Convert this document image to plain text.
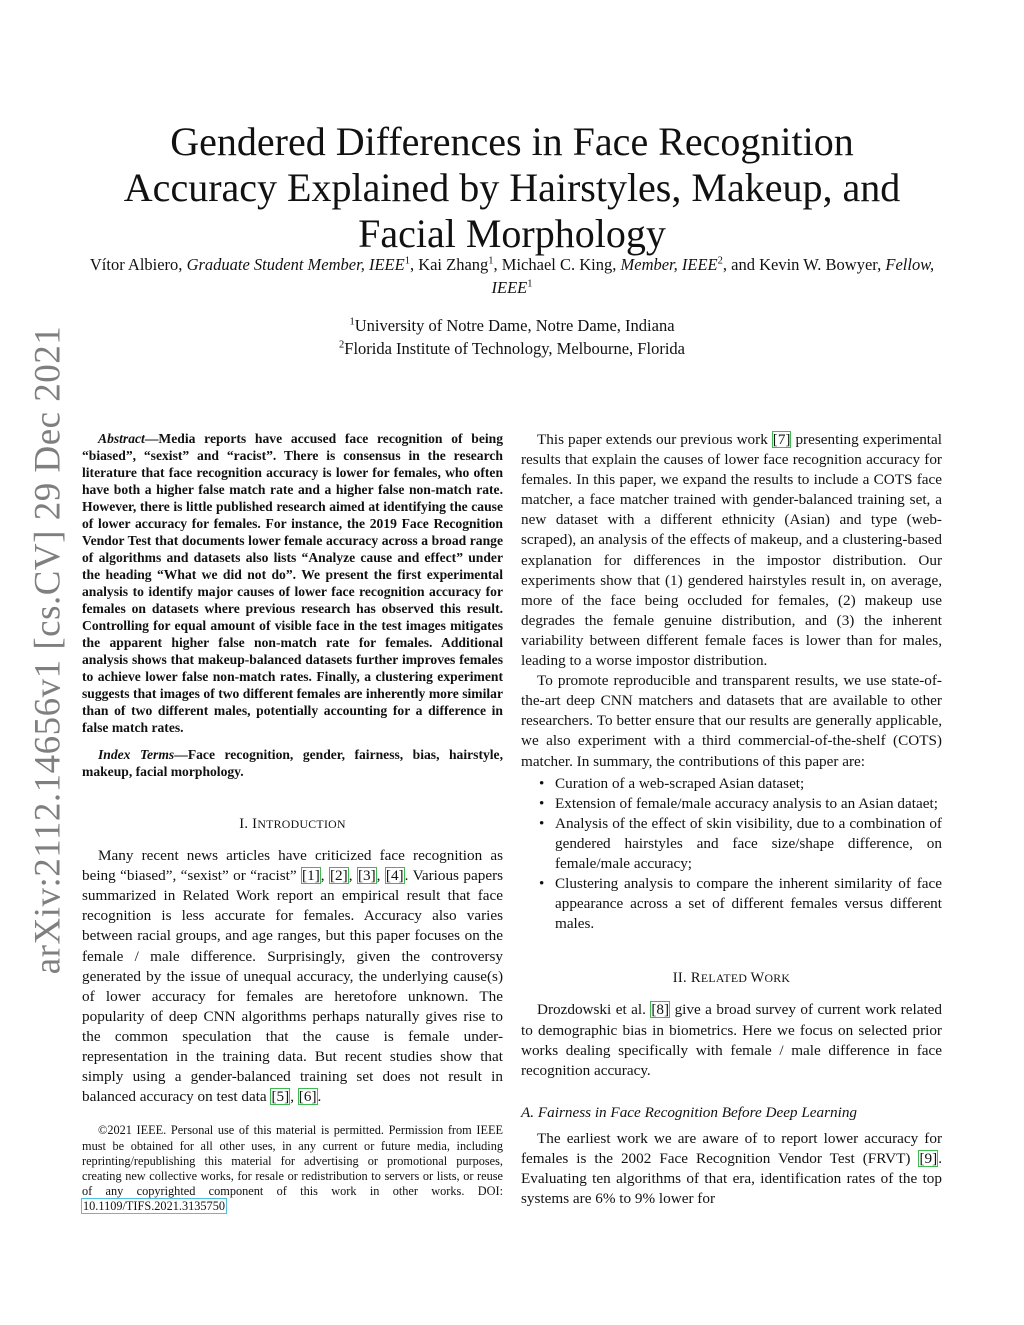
arXiv:2112.14656v1 [cs.CV] 29 Dec 2021
Gendered Differences in Face Recognition Accuracy Explained by Hairstyles, Makeup, and Facial Morphology
Vítor Albiero, Graduate Student Member, IEEE$^1$, Kai Zhang$^1$, Michael C. King, Member, IEEE$^2$, and Kevin W. Bowyer, Fellow, IEEE$^1$
$^1$University of Notre Dame, Notre Dame, Indiana
$^2$Florida Institute of Technology, Melbourne, Florida

Abstract—Media reports have accused face recognition of being “biased”, “sexist” and “racist”. There is consensus in the research literature that face recognition accuracy is lower for females, who often have both a higher false match rate and a higher false non-match rate. However, there is little published research aimed at identifying the cause of lower accuracy for females. For instance, the 2019 Face Recognition Vendor Test that documents lower female accuracy across a broad range of algorithms and datasets also lists “Analyze cause and effect” under the heading “What we did not do”. We present the first experimental analysis to identify major causes of lower face recognition accuracy for females on datasets where previous research has observed this result. Controlling for equal amount of visible face in the test images mitigates the apparent higher false non-match rate for females. Additional analysis shows that makeup-balanced datasets further improves females to achieve lower false non-match rates. Finally, a clustering experiment suggests that images of two different females are inherently more similar than of two different males, potentially accounting for a difference in false match rates.

Index Terms—Face recognition, gender, fairness, bias, hairstyle, makeup, facial morphology.

I. INTRODUCTION

Many recent news articles have criticized face recognition as being “biased”, “sexist” or “racist” [1], [2], [3], [4]. Various papers summarized in Related Work report an empirical result that face recognition is less accurate for females. Accuracy also varies between racial groups, and age ranges, but this paper focuses on the female / male difference. Surprisingly, given the controversy generated by the issue of unequal accuracy, the underlying cause(s) of lower accuracy for females are heretofore unknown. The popularity of deep CNN algorithms perhaps naturally gives rise to the common speculation that the cause is female under-representation in the training data. But recent studies show that simply using a gender-balanced training set does not result in balanced accuracy on test data [5], [6].

©2021 IEEE. Personal use of this material is permitted. Permission from IEEE must be obtained for all other uses, in any current or future media, including reprinting/republishing this material for advertising or promotional purposes, creating new collective works, for resale or redistribution to servers or lists, or reuse of any copyrighted component of this work in other works. DOI: 10.1109/TIFS.2021.3135750

This paper extends our previous work [7] presenting experimental results that explain the causes of lower face recognition accuracy for females. In this paper, we expand the results to include a COTS face matcher, a face matcher trained with gender-balanced training set, a new dataset with a different ethnicity (Asian) and type (web-scraped), an analysis of the effects of makeup, and a clustering-based explanation for differences in the impostor distribution. Our experiments show that (1) gendered hairstyles result in, on average, more of the face being occluded for females, (2) makeup use degrades the female genuine distribution, and (3) the inherent variability between different female faces is lower than for males, leading to a worse impostor distribution.

To promote reproducible and transparent results, we use state-of-the-art deep CNN matchers and datasets that are available to other researchers. To better ensure that our results are generally applicable, we also experiment with a third commercial-of-the-shelf (COTS) matcher. In summary, the contributions of this paper are:

• Curation of a web-scraped Asian dataset;
• Extension of female/male accuracy analysis to an Asian dataet;
• Analysis of the effect of skin visibility, due to a combination of gendered hairstyles and face size/shape difference, on female/male accuracy;
• Clustering analysis to compare the inherent similarity of face appearance across a set of different females versus different males.
II. RELATED WORK

Drozdowski et al. [8] give a broad survey of current work related to demographic bias in biometrics. Here we focus on selected prior works dealing specifically with female / male difference in face recognition accuracy.

A. Fairness in Face Recognition Before Deep Learning

The earliest work we are aware of to report lower accuracy for females is the 2002 Face Recognition Vendor Test (FRVT) [9]. Evaluating ten algorithms of that era, identification rates of the top systems are 6% to 9% lower for
